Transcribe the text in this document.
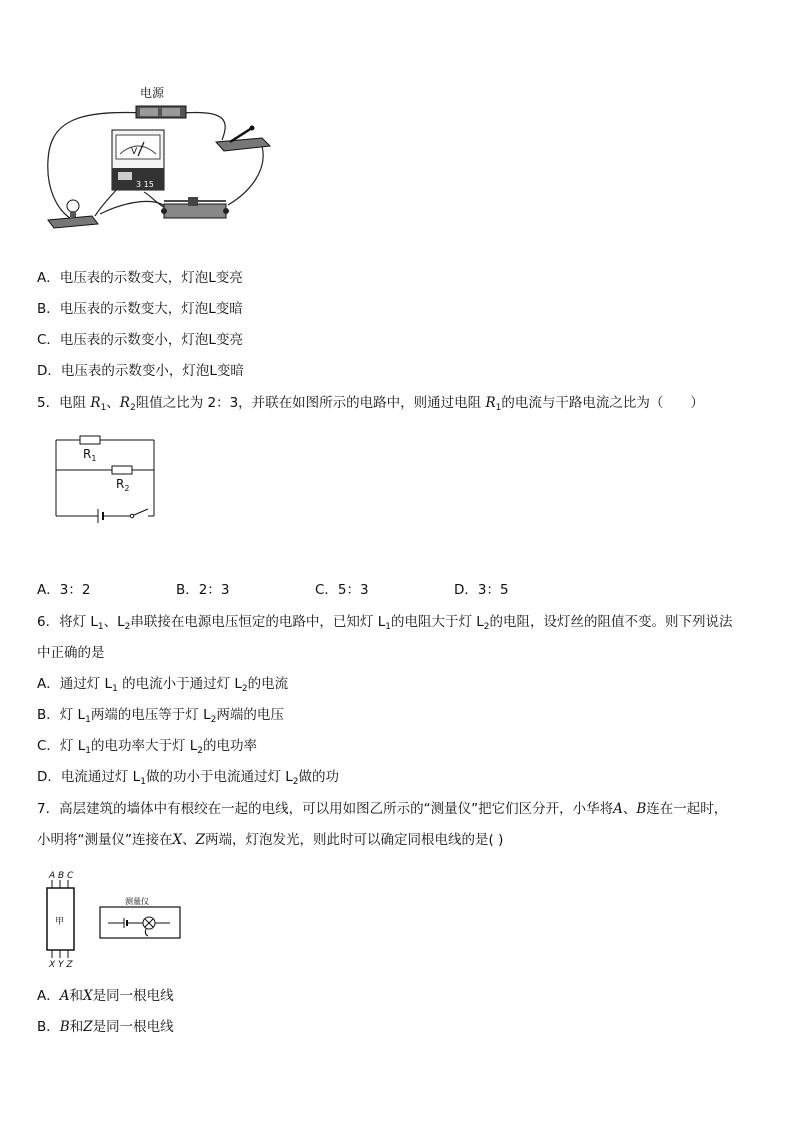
电源
V
3 15
A．电压表的示数变大，灯泡L变亮
B．电压表的示数变大，灯泡L变暗
C．电压表的示数变小，灯泡L变亮
D．电压表的示数变小，灯泡L变暗
5．电阻 $R_1$、$R_2$阻值之比为 2：3，并联在如图所示的电路中，则通过电阻 $R_1$的电流与干路电流之比为（　　）
$R_1$
$R_2$
A．3：2	B．2：3	C．5：3	D．3：5
6．将灯 $L_1$、$L_2$串联接在电源电压恒定的电路中，已知灯 $L_1$的电阻大于灯 $L_2$的电阻，设灯丝的阻值不变。则下列说法
中正确的是
A．通过灯 $L_1$ 的电流小于通过灯 $L_2$的电流
B．灯 $L_1$两端的电压等于灯 $L_2$两端的电压
C．灯 $L_1$的电功率大于灯 $L_2$的电功率
D．电流通过灯 $L_1$做的功小于电流通过灯 $L_2$做的功
7．高层建筑的墙体中有根绞在一起的电线，可以用如图乙所示的“测量仪”把它们区分开，小华将A、B连在一起时，
小明将“测量仪”连接在X、Z两端，灯泡发光，则此时可以确定同根电线的是( )
A B C
甲
X Y Z
测量仪
A．A和X是同一根电线
B．B和Z是同一根电线
